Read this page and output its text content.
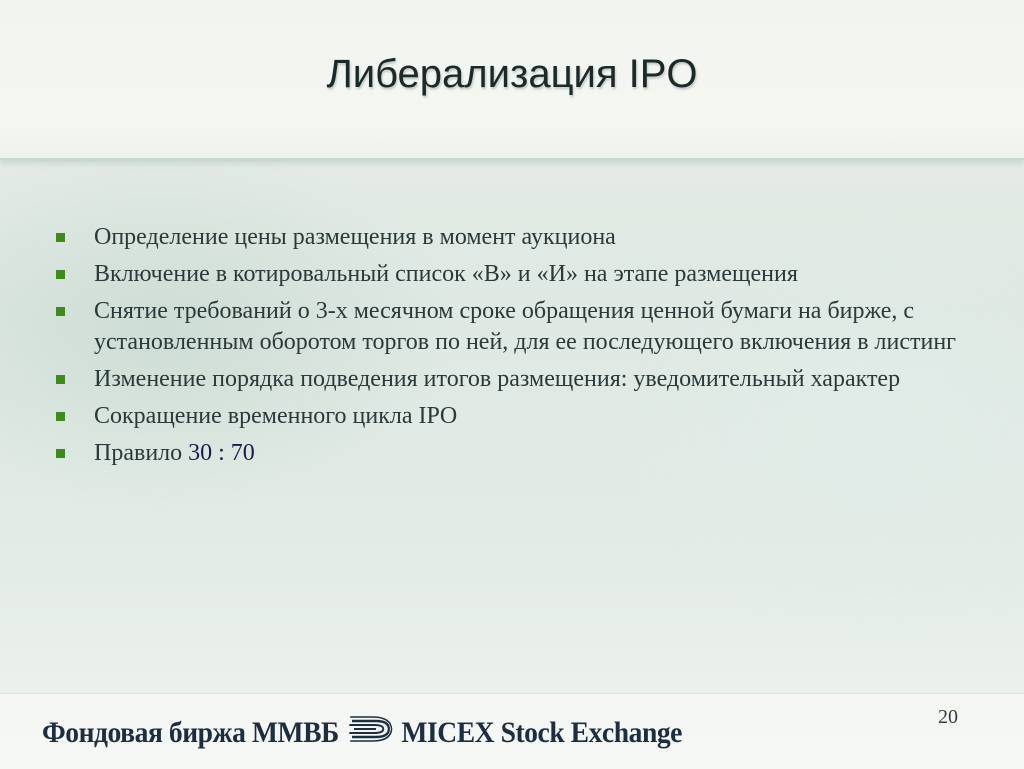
Либерализация IPO
Определение цены размещения в момент аукциона
Включение в котировальный список «В» и «И» на этапе размещения
Снятие требований о 3-х месячном сроке обращения ценной бумаги на бирже, с установленным оборотом торгов по ней, для ее последующего включения в листинг
Изменение порядка подведения итогов размещения: уведомительный характер
Сокращение временного цикла IPO
Правило 30 : 70
Фондовая биржа ММВБ MICEX Stock Exchange	20
